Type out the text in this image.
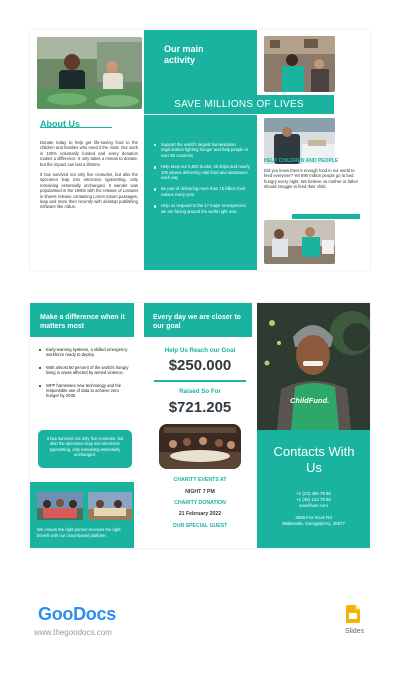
About Us

Donate today to help get life-saving food to the children and families who need it the most. Our work is 100% voluntarily funded and every donation makes a difference. It only takes a minute to donate, but the impact can last a lifetime.

It has survived not only five centuries, but also the specimen leap into electronic typesetting, only remaining essentially unchanged. It wander was popularised in the 1960s with the release of Letraset is sheets release containing Lorem Ipsum passages, leap and more then recently with desktop publishing software like Aldus.

Our main activity
Support the world's largest humanitarian organization fighting hunger and help people in over 80 countries
Help keep our 5,600 trucks, 30 ships and nearly 100 planes delivering vital food and assistance each day
Be part of delivering more than 15 billion food rations every year
Help us respond to the 17 major emergencies we are facing around the world right now
SAVE MILLIONS OF LIVES
HELP CHILDREN AND PEOPLE
Did you know there's enough food in our world to feed everyone? Yet 690 million people go to bed hungry every night. We believe no mother or father should struggle to feed their child.
Make a difference when it matters most
Early-warning systems, a skilled emergency workforce ready to deploy.
With almost 60 percent of the world's hungry living in areas affected by armed violence.
WFP harnesses new technology and the responsible use of data to achieve zero hunger by 2030.
It has survived not only five centuries, but also the specimen leap into electronic typesetting, only remaining essentially unchanged.
We ensure the right person receives the right benefit with our cloud-based platform
Every day we are closer to our goal
Help Us Reach our Goal
$250.000
Raised So For
$721.205
CHARITY EVENTS AT
NIGHT 7 PM
CHARITY DONATION
21 February 2022
OUR SPECIAL GUEST
ChildFund.
Contacts With Us
+1 (23) 456 78 90
+1 (45) 123 78 90
savelifves.com
2566 Fox Rock Rd
Walksvalle, Georgia(GA), 30677
GooDocs
www.thegoodocs.com	Slides
